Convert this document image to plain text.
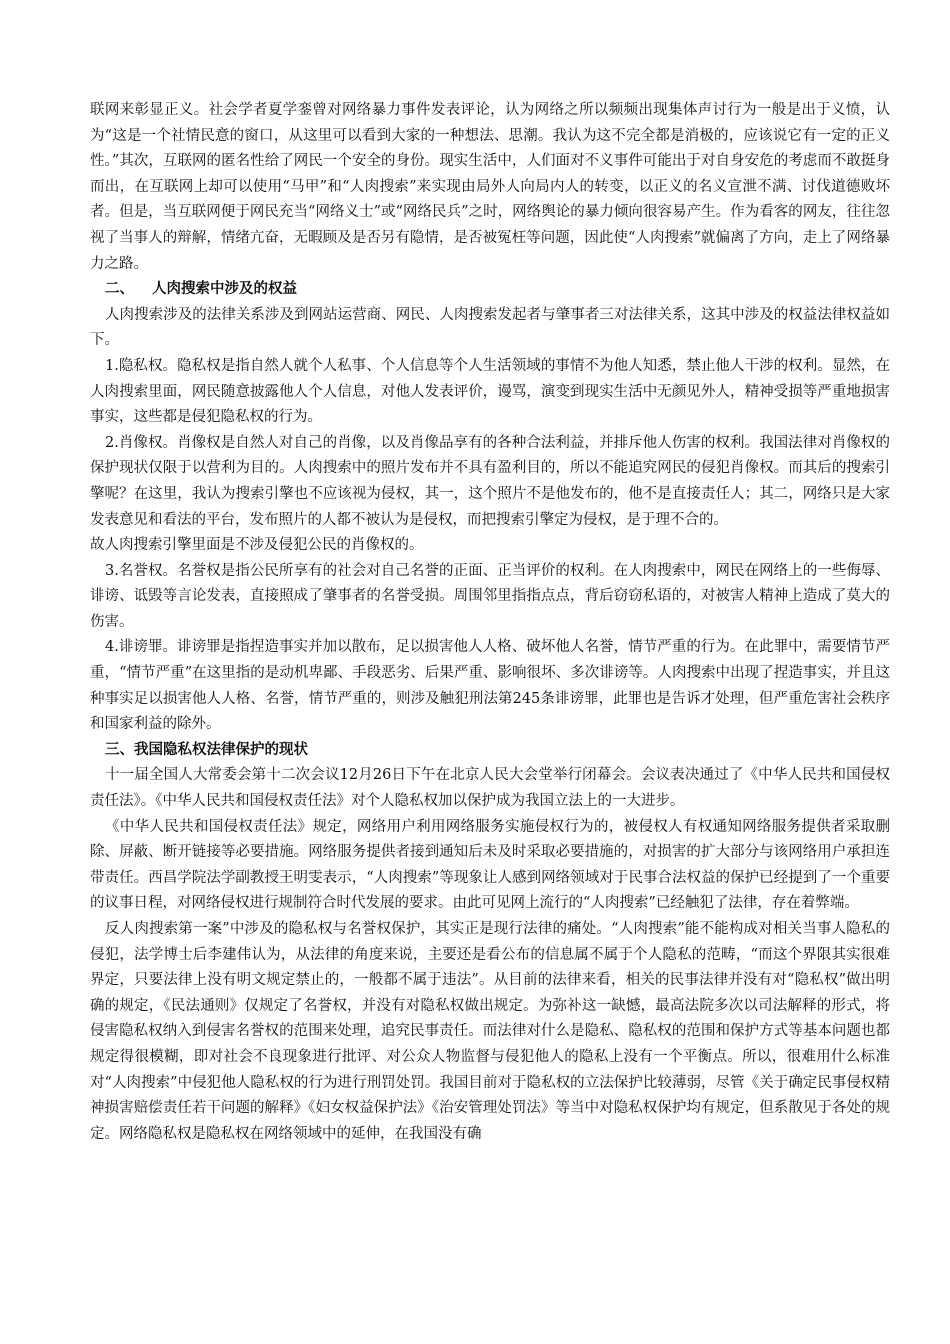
联网来彰显正义。社会学者夏学銮曾对网络暴力事件发表评论，认为网络之所以频频出现集体声讨行为一般是出于义愤，认为“这是一个社情民意的窗口，从这里可以看到大家的一种想法、思潮。我认为这不完全都是消极的，应该说它有一定的正义性。”其次，互联网的匿名性给了网民一个安全的身份。现实生活中，人们面对不义事件可能出于对自身安危的考虑而不敢挺身而出，在互联网上却可以使用“马甲”和“人肉搜索”来实现由局外人向局内人的转变，以正义的名义宣泄不满、讨伐道德败坏者。但是，当互联网便于网民充当“网络义士”或“网络民兵”之时，网络舆论的暴力倾向很容易产生。作为看客的网友，往往忽视了当事人的辩解，情绪亢奋，无暇顾及是否另有隐情，是否被冤枉等问题，因此使“人肉搜索”就偏离了方向，走上了网络暴力之路。

二、 人肉搜索中涉及的权益

人肉搜索涉及的法律关系涉及到网站运营商、网民、人肉搜索发起者与肇事者三对法律关系，这其中涉及的权益法律权益如下。

1.隐私权。隐私权是指自然人就个人私事、个人信息等个人生活领域的事情不为他人知悉，禁止他人干涉的权利。显然，在人肉搜索里面，网民随意披露他人个人信息，对他人发表评价，谩骂，演变到现实生活中无颜见外人，精神受损等严重地损害事实，这些都是侵犯隐私权的行为。

2.肖像权。肖像权是自然人对自己的肖像，以及肖像品享有的各种合法利益，并排斥他人伤害的权利。我国法律对肖像权的保护现状仅限于以营利为目的。人肉搜索中的照片发布并不具有盈利目的，所以不能追究网民的侵犯肖像权。而其后的搜索引擎呢？在这里，我认为搜索引擎也不应该视为侵权，其一，这个照片不是他发布的，他不是直接责任人；其二，网络只是大家发表意见和看法的平台，发布照片的人都不被认为是侵权，而把搜索引擎定为侵权，是于理不合的。

故人肉搜索引擎里面是不涉及侵犯公民的肖像权的。

3.名誉权。名誉权是指公民所享有的社会对自己名誉的正面、正当评价的权利。在人肉搜索中，网民在网络上的一些侮辱、诽谤、诋毁等言论发表，直接照成了肇事者的名誉受损。周围邻里指指点点，背后窃窃私语的，对被害人精神上造成了莫大的伤害。

4.诽谤罪。诽谤罪是指捏造事实并加以散布，足以损害他人人格、破坏他人名誉，情节严重的行为。在此罪中，需要情节严重，“情节严重”在这里指的是动机卑鄙、手段恶劣、后果严重、影响很坏、多次诽谤等。人肉搜索中出现了捏造事实，并且这种事实足以损害他人人格、名誉，情节严重的，则涉及触犯刑法第245条诽谤罪，此罪也是告诉才处理，但严重危害社会秩序和国家利益的除外。

三、我国隐私权法律保护的现状

十一届全国人大常委会第十二次会议12月26日下午在北京人民大会堂举行闭幕会。会议表决通过了《中华人民共和国侵权责任法》。《中华人民共和国侵权责任法》对个人隐私权加以保护成为我国立法上的一大进步。

《中华人民共和国侵权责任法》规定，网络用户利用网络服务实施侵权行为的，被侵权人有权通知网络服务提供者采取删除、屏蔽、断开链接等必要措施。网络服务提供者接到通知后未及时采取必要措施的，对损害的扩大部分与该网络用户承担连带责任。西昌学院法学副教授王明雯表示，“人肉搜索”等现象让人感到网络领域对于民事合法权益的保护已经提到了一个重要的议事日程，对网络侵权进行规制符合时代发展的要求。由此可见网上流行的“人肉搜索”已经触犯了法律，存在着弊端。

反人肉搜索第一案”中涉及的隐私权与名誉权保护，其实正是现行法律的痛处。“人肉搜索”能不能构成对相关当事人隐私的侵犯，法学博士后李建伟认为，从法律的角度来说，主要还是看公布的信息属不属于个人隐私的范畴，“而这个界限其实很难界定，只要法律上没有明文规定禁止的，一般都不属于违法”。从目前的法律来看，相关的民事法律并没有对“隐私权”做出明确的规定，《民法通则》仅规定了名誉权，并没有对隐私权做出规定。为弥补这一缺憾，最高法院多次以司法解释的形式，将侵害隐私权纳入到侵害名誉权的范围来处理，追究民事责任。而法律对什么是隐私、隐私权的范围和保护方式等基本问题也都规定得很模糊，即对社会不良现象进行批评、对公众人物监督与侵犯他人的隐私上没有一个平衡点。所以，很难用什么标准对“人肉搜索”中侵犯他人隐私权的行为进行刑罚处罚。我国目前对于隐私权的立法保护比较薄弱，尽管《关于确定民事侵权精神损害赔偿责任若干问题的解释》《妇女权益保护法》《治安管理处罚法》等当中对隐私权保护均有规定，但系散见于各处的规定。网络隐私权是隐私权在网络领域中的延伸，在我国没有确
